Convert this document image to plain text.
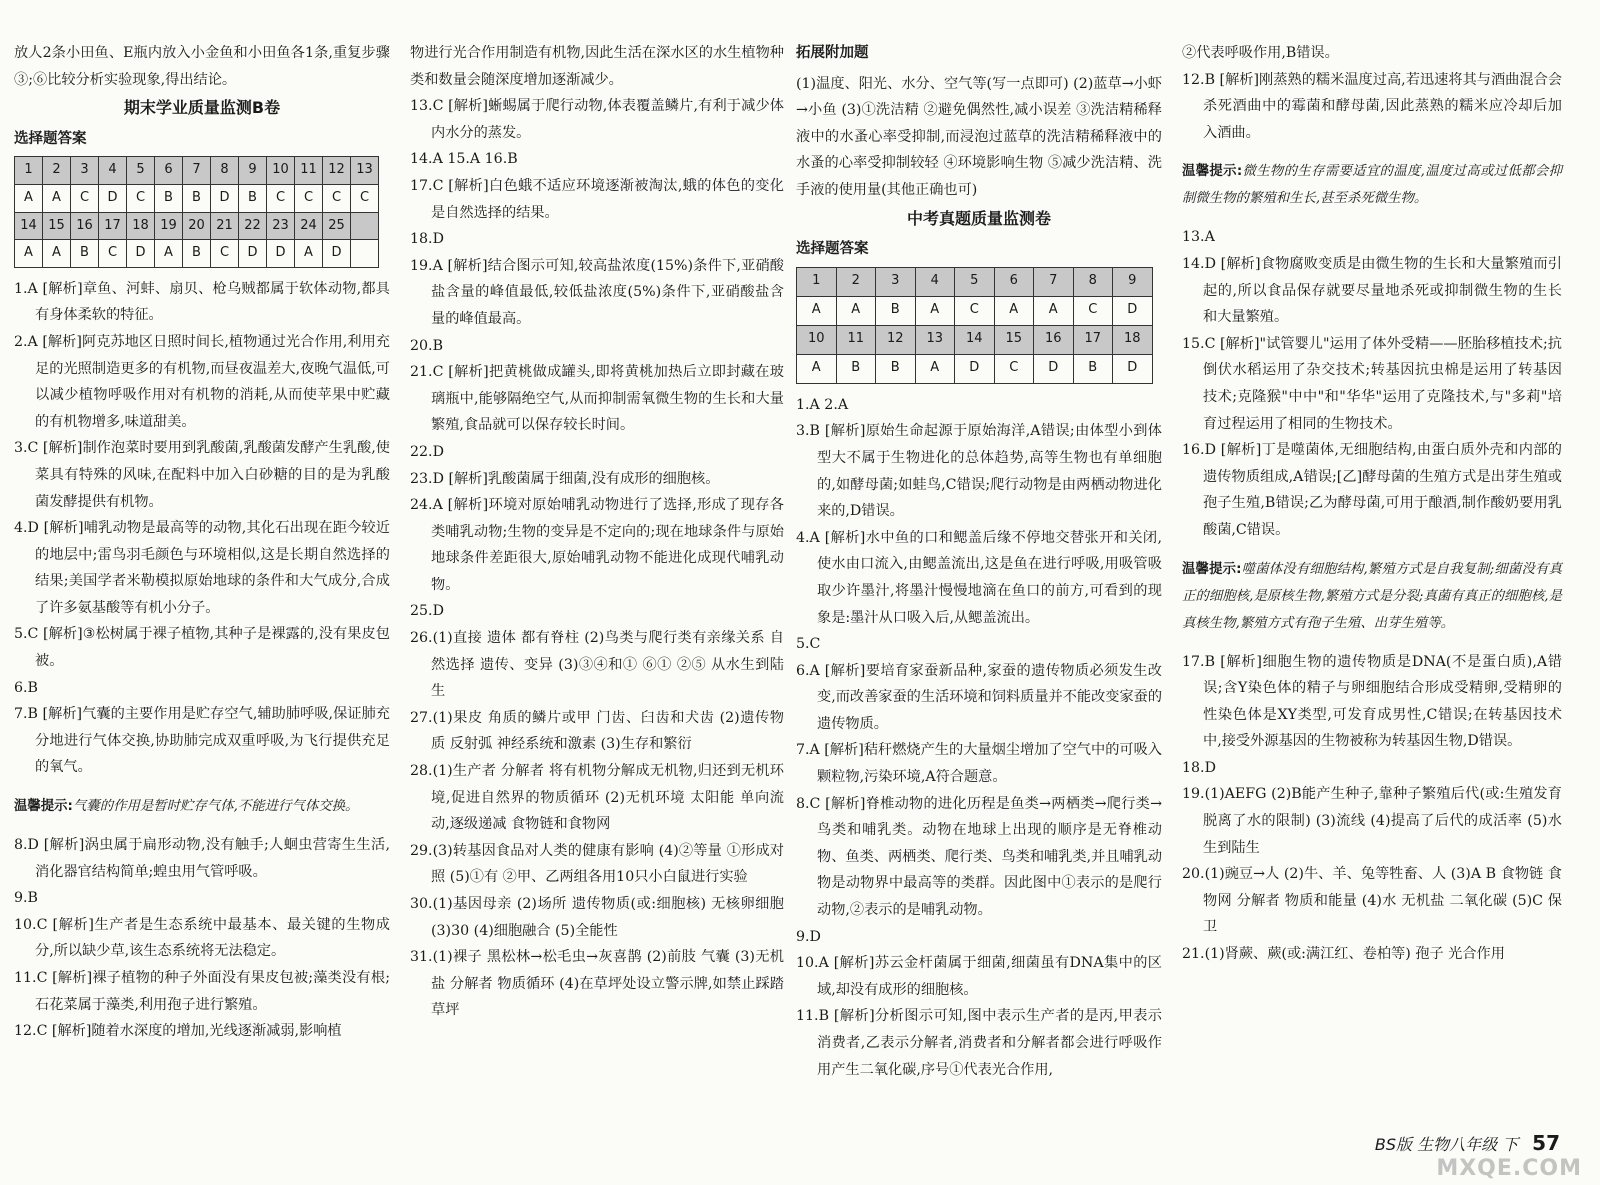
放人2条小田鱼、E瓶内放入小金鱼和小田鱼各1条,重复步骤③;⑥比较分析实验现象,得出结论。

期末学业质量监测B卷
选择题答案
1	2	3	4	5	6	7	8	9	10	11	12	13
A	A	C	D	C	B	B	D	B	C	C	C	C
14	15	16	17	18	19	20	21	22	23	24	25	
A	A	B	C	D	A	B	C	D	D	A	D	

1.A [解析]章鱼、河蚌、扇贝、枪乌贼都属于软体动物,都具有身体柔软的特征。

2.A [解析]阿克苏地区日照时间长,植物通过光合作用,利用充足的光照制造更多的有机物,而昼夜温差大,夜晚气温低,可以减少植物呼吸作用对有机物的消耗,从而使苹果中贮藏的有机物增多,味道甜美。

3.C [解析]制作泡菜时要用到乳酸菌,乳酸菌发酵产生乳酸,使菜具有特殊的风味,在配料中加入白砂糖的目的是为乳酸菌发酵提供有机物。

4.D [解析]哺乳动物是最高等的动物,其化石出现在距今较近的地层中;雷鸟羽毛颜色与环境相似,这是长期自然选择的结果;美国学者米勒模拟原始地球的条件和大气成分,合成了许多氨基酸等有机小分子。

5.C [解析]③松树属于裸子植物,其种子是裸露的,没有果皮包被。

6.B

7.B [解析]气囊的主要作用是贮存空气,辅助肺呼吸,保证肺充分地进行气体交换,协助肺完成双重呼吸,为飞行提供充足的氧气。

温馨提示:气囊的作用是暂时贮存气体,不能进行气体交换。

8.D [解析]涡虫属于扁形动物,没有触手;人蛔虫营寄生生活,消化器官结构简单;蝗虫用气管呼吸。

9.B

10.C [解析]生产者是生态系统中最基本、最关键的生物成分,所以缺少草,该生态系统将无法稳定。

11.C [解析]裸子植物的种子外面没有果皮包被;藻类没有根;石花菜属于藻类,利用孢子进行繁殖。

12.C [解析]随着水深度的增加,光线逐渐减弱,影响植

物进行光合作用制造有机物,因此生活在深水区的水生植物种类和数量会随深度增加逐渐减少。

13.C [解析]蜥蜴属于爬行动物,体表覆盖鳞片,有利于减少体内水分的蒸发。

14.A 15.A 16.B

17.C [解析]白色蛾不适应环境逐渐被淘汰,蛾的体色的变化是自然选择的结果。

18.D

19.A [解析]结合图示可知,较高盐浓度(15%)条件下,亚硝酸盐含量的峰值最低,较低盐浓度(5%)条件下,亚硝酸盐含量的峰值最高。

20.B

21.C [解析]把黄桃做成罐头,即将黄桃加热后立即封藏在玻璃瓶中,能够隔绝空气,从而抑制需氧微生物的生长和大量繁殖,食品就可以保存较长时间。

22.D

23.D [解析]乳酸菌属于细菌,没有成形的细胞核。

24.A [解析]环境对原始哺乳动物进行了选择,形成了现存各类哺乳动物;生物的变异是不定向的;现在地球条件与原始地球条件差距很大,原始哺乳动物不能进化成现代哺乳动物。

25.D

26.(1)直接 遗体 都有脊柱 (2)鸟类与爬行类有亲缘关系 自然选择 遗传、变异 (3)③④和① ⑥① ②⑤ 从水生到陆生

27.(1)果皮 角质的鳞片或甲 门齿、臼齿和犬齿 (2)遗传物质 反射弧 神经系统和激素 (3)生存和繁衍

28.(1)生产者 分解者 将有机物分解成无机物,归还到无机环境,促进自然界的物质循环 (2)无机环境 太阳能 单向流动,逐级递减 食物链和食物网

29.(3)转基因食品对人类的健康有影响 (4)②等量 ①形成对照 (5)①有 ②甲、乙两组各用10只小白鼠进行实验

30.(1)基因母亲 (2)场所 遗传物质(或:细胞核) 无核卵细胞 (3)30 (4)细胞融合 (5)全能性

31.(1)裸子 黑松林→松毛虫→灰喜鹊 (2)前肢 气囊 (3)无机盐 分解者 物质循环 (4)在草坪处设立警示牌,如禁止踩踏草坪

拓展附加题

(1)温度、阳光、水分、空气等(写一点即可) (2)蓝草→小虾→小鱼 (3)①洗洁精 ②避免偶然性,减小误差 ③洗洁精稀释液中的水蚤心率受抑制,而浸泡过蓝草的洗洁精稀释液中的水蚤的心率受抑制较轻 ④环境影响生物 ⑤减少洗洁精、洗手液的使用量(其他正确也可)

中考真题质量监测卷
选择题答案
1	2	3	4	5	6	7	8	9
A	A	B	A	C	A	A	C	D
10	11	12	13	14	15	16	17	18
A	B	B	A	D	C	D	B	D

1.A 2.A

3.B [解析]原始生命起源于原始海洋,A错误;由体型小到体型大不属于生物进化的总体趋势,高等生物也有单细胞的,如酵母菌;如蛙鸟,C错误;爬行动物是由两栖动物进化来的,D错误。

4.A [解析]水中鱼的口和鳃盖后缘不停地交替张开和关闭,使水由口流入,由鳃盖流出,这是鱼在进行呼吸,用吸管吸取少许墨汁,将墨汁慢慢地滴在鱼口的前方,可看到的现象是:墨汁从口吸入后,从鳃盖流出。

5.C

6.A [解析]要培育家蚕新品种,家蚕的遗传物质必须发生改变,而改善家蚕的生活环境和饲料质量并不能改变家蚕的遗传物质。

7.A [解析]秸秆燃烧产生的大量烟尘增加了空气中的可吸入颗粒物,污染环境,A符合题意。

8.C [解析]脊椎动物的进化历程是鱼类→两栖类→爬行类→鸟类和哺乳类。动物在地球上出现的顺序是无脊椎动物、鱼类、两栖类、爬行类、鸟类和哺乳类,并且哺乳动物是动物界中最高等的类群。因此图中①表示的是爬行动物,②表示的是哺乳动物。

9.D

10.A [解析]苏云金杆菌属于细菌,细菌虽有DNA集中的区域,却没有成形的细胞核。

11.B [解析]分析图示可知,图中表示生产者的是丙,甲表示消费者,乙表示分解者,消费者和分解者都会进行呼吸作用产生二氧化碳,序号①代表光合作用,

②代表呼吸作用,B错误。

12.B [解析]刚蒸熟的糯米温度过高,若迅速将其与酒曲混合会杀死酒曲中的霉菌和酵母菌,因此蒸熟的糯米应冷却后加入酒曲。

温馨提示:微生物的生存需要适宜的温度,温度过高或过低都会抑制微生物的繁殖和生长,甚至杀死微生物。

13.A

14.D [解析]食物腐败变质是由微生物的生长和大量繁殖而引起的,所以食品保存就要尽量地杀死或抑制微生物的生长和大量繁殖。

15.C [解析]"试管婴儿"运用了体外受精——胚胎移植技术;抗倒伏水稻运用了杂交技术;转基因抗虫棉是运用了转基因技术;克隆猴"中中"和"华华"运用了克隆技术,与"多莉"培育过程运用了相同的生物技术。

16.D [解析]丁是噬菌体,无细胞结构,由蛋白质外壳和内部的遗传物质组成,A错误;[乙]酵母菌的生殖方式是出芽生殖或孢子生殖,B错误;乙为酵母菌,可用于酿酒,制作酸奶要用乳酸菌,C错误。

温馨提示:噬菌体没有细胞结构,繁殖方式是自我复制;细菌没有真正的细胞核,是原核生物,繁殖方式是分裂;真菌有真正的细胞核,是真核生物,繁殖方式有孢子生殖、出芽生殖等。

17.B [解析]细胞生物的遗传物质是DNA(不是蛋白质),A错误;含Y染色体的精子与卵细胞结合形成受精卵,受精卵的性染色体是XY类型,可发育成男性,C错误;在转基因技术中,接受外源基因的生物被称为转基因生物,D错误。

18.D

19.(1)AEFG (2)B能产生种子,靠种子繁殖后代(或:生殖发育脱离了水的限制) (3)流线 (4)提高了后代的成活率 (5)水生到陆生

20.(1)豌豆→人 (2)牛、羊、兔等牲畜、人 (3)A B 食物链 食物网 分解者 物质和能量 (4)水 无机盐 二氧化碳 (5)C 保卫

21.(1)肾蕨、蕨(或:满江红、卷柏等) 孢子 光合作用

BS版 生物八年级 下 57
MXQE.COM
